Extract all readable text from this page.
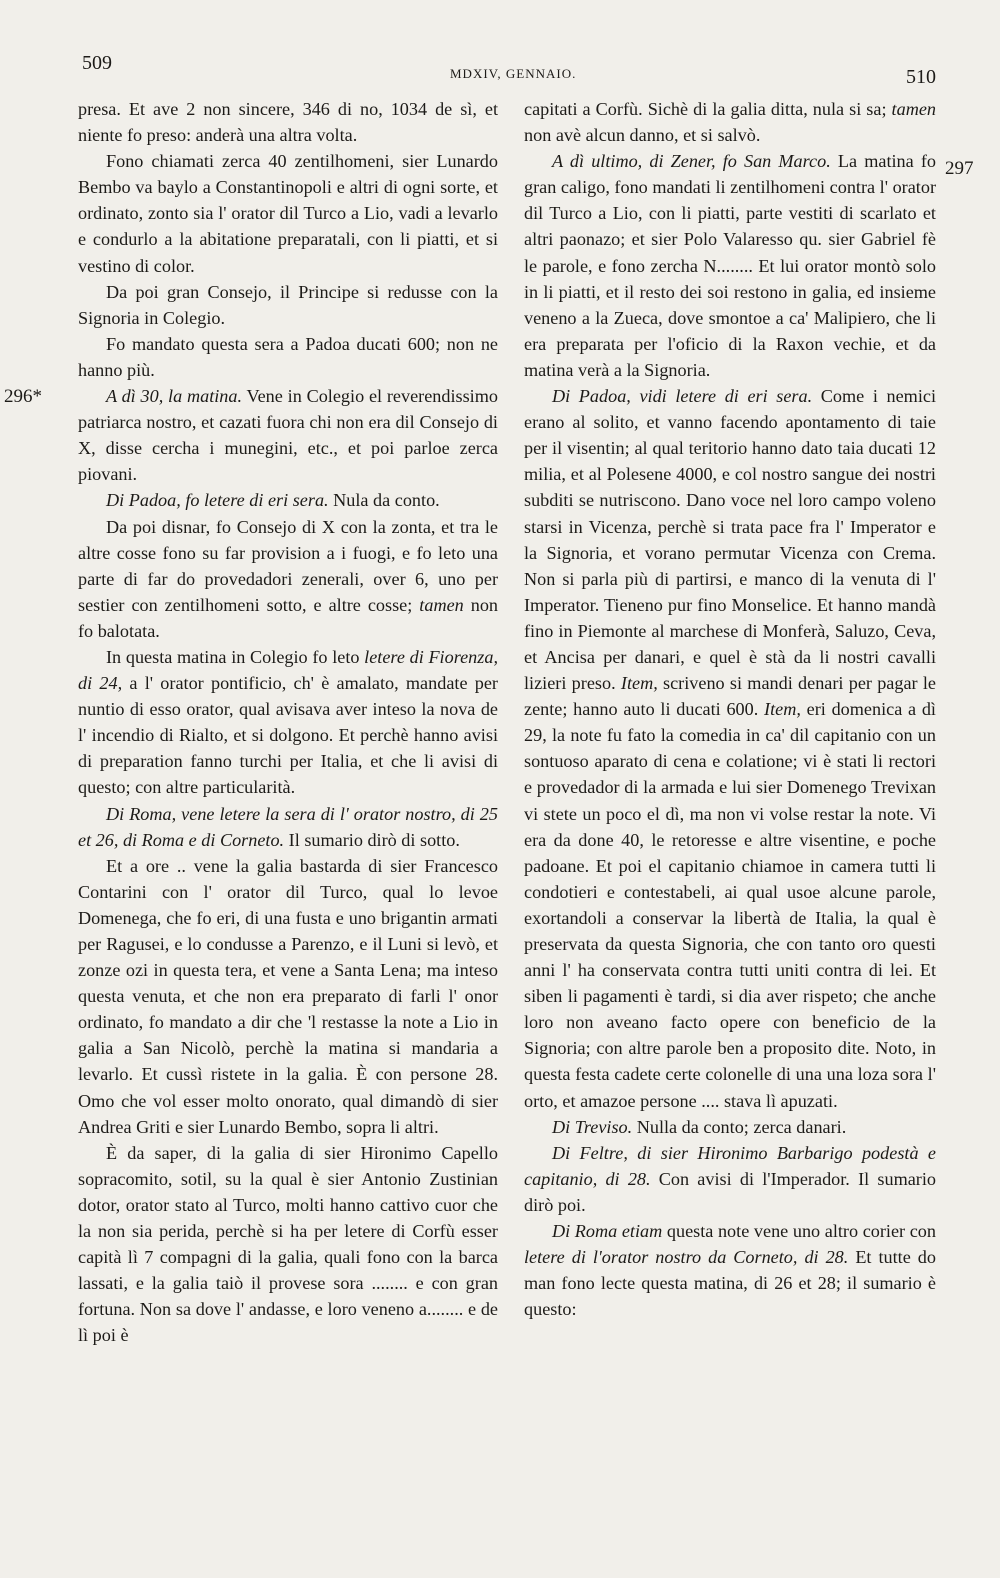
509	MDXIV, GENNAIO.	510
296*
297

presa. Et ave 2 non sincere, 346 di no, 1034 de sì, et niente fo preso: anderà una altra volta.

Fono chiamati zerca 40 zentilhomeni, sier Lunardo Bembo va baylo a Constantinopoli e altri di ogni sorte, et ordinato, zonto sia l' orator dil Turco a Lio, vadi a levarlo e condurlo a la abitatione preparatali, con li piatti, et si vestino di color.

Da poi gran Consejo, il Principe si redusse con la Signoria in Colegio.

Fo mandato questa sera a Padoa ducati 600; non ne hanno più.

A dì 30, la matina. Vene in Colegio el reverendissimo patriarca nostro, et cazati fuora chi non era dil Consejo di X, disse cercha i munegini, etc., et poi parloe zerca piovani.

Di Padoa, fo letere di eri sera. Nula da conto.

Da poi disnar, fo Consejo di X con la zonta, et tra le altre cosse fono su far provision a i fuogi, e fo leto una parte di far do provedadori zenerali, over 6, uno per sestier con zentilhomeni sotto, e altre cosse; tamen non fo balotata.

In questa matina in Colegio fo leto letere di Fiorenza, di 24, a l' orator pontificio, ch' è amalato, mandate per nuntio di esso orator, qual avisava aver inteso la nova de l' incendio di Rialto, et si dolgono. Et perchè hanno avisi di preparation fanno turchi per Italia, et che li avisi di questo; con altre particularità.

Di Roma, vene letere la sera di l' orator nostro, di 25 et 26, di Roma e di Corneto. Il sumario dirò di sotto.

Et a ore .. vene la galia bastarda di sier Francesco Contarini con l' orator dil Turco, qual lo levoe Domenega, che fo eri, di una fusta e uno brigantin armati per Ragusei, e lo condusse a Parenzo, e il Luni si levò, et zonze ozi in questa tera, et vene a Santa Lena; ma inteso questa venuta, et che non era preparato di farli l' onor ordinato, fo mandato a dir che 'l restasse la note a Lio in galia a San Nicolò, perchè la matina si mandaria a levarlo. Et cussì ristete in la galia. È con persone 28. Omo che vol esser molto onorato, qual dimandò di sier Andrea Griti e sier Lunardo Bembo, sopra li altri.

È da saper, di la galia di sier Hironimo Capello sopracomito, sotil, su la qual è sier Antonio Zustinian dotor, orator stato al Turco, molti hanno cattivo cuor che la non sia perida, perchè si ha per letere di Corfù esser capità lì 7 compagni di la galia, quali fono con la barca lassati, e la galia taiò il provese sora ........ e con gran fortuna. Non sa dove l' andasse, e loro veneno a........ e de lì poi è

capitati a Corfù. Sichè di la galia ditta, nula si sa; tamen non avè alcun danno, et si salvò.

A dì ultimo, di Zener, fo San Marco. La matina fo gran caligo, fono mandati li zentilhomeni contra l' orator dil Turco a Lio, con li piatti, parte vestiti di scarlato et altri paonazo; et sier Polo Valaresso qu. sier Gabriel fè le parole, e fono zercha N........ Et lui orator montò solo in li piatti, et il resto dei soi restono in galia, ed insieme veneno a la Zueca, dove smontoe a ca' Malipiero, che li era preparata per l'oficio di la Raxon vechie, et da matina verà a la Signoria.

Di Padoa, vidi letere di eri sera. Come i nemici erano al solito, et vanno facendo apontamento di taie per il visentin; al qual teritorio hanno dato taia ducati 12 milia, et al Polesene 4000, e col nostro sangue dei nostri subditi se nutriscono. Dano voce nel loro campo voleno starsi in Vicenza, perchè si trata pace fra l' Imperator e la Signoria, et vorano permutar Vicenza con Crema. Non si parla più di partirsi, e manco di la venuta di l' Imperator. Tieneno pur fino Monselice. Et hanno mandà fino in Piemonte al marchese di Monferà, Saluzo, Ceva, et Ancisa per danari, e quel è stà da li nostri cavalli lizieri preso. Item, scriveno si mandi denari per pagar le zente; hanno auto li ducati 600. Item, eri domenica a dì 29, la note fu fato la comedia in ca' dil capitanio con un sontuoso aparato di cena e colatione; vi è stati li rectori e provedador di la armada e lui sier Domenego Trevixan vi stete un poco el dì, ma non vi volse restar la note. Vi era da done 40, le retoresse e altre visentine, e poche padoane. Et poi el capitanio chiamoe in camera tutti li condotieri e contestabeli, ai qual usoe alcune parole, exortandoli a conservar la libertà de Italia, la qual è preservata da questa Signoria, che con tanto oro questi anni l' ha conservata contra tutti uniti contra di lei. Et siben li pagamenti è tardi, si dia aver rispeto; che anche loro non aveano facto opere con beneficio de la Signoria; con altre parole ben a proposito dite. Noto, in questa festa cadete certe colonelle di una una loza sora l' orto, et amazoe persone .... stava lì apuzati.

Di Treviso. Nulla da conto; zerca danari.

Di Feltre, di sier Hironimo Barbarigo podestà e capitanio, di 28. Con avisi di l'Imperador. Il sumario dirò poi.

Di Roma etiam questa note vene uno altro corier con letere di l'orator nostro da Corneto, di 28. Et tutte do man fono lecte questa matina, di 26 et 28; il sumario è questo:
